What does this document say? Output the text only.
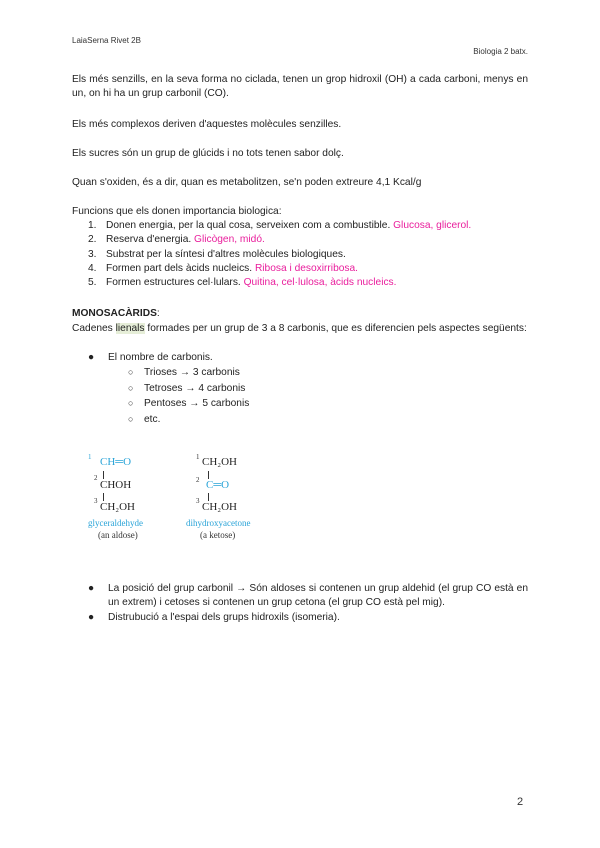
LaiaSerna Rivet 2B
Biologia 2 batx.
Els més senzills, en la seva forma no ciclada, tenen un grop hidroxil (OH) a cada carboni, menys en un, on hi ha un grup carbonil (CO).
Els més complexos deriven d'aquestes molècules senzilles.
Els sucres són un grup de glúcids i no tots tenen sabor dolç.
Quan s'oxiden, és a dir, quan es metabolitzen, se'n poden extreure 4,1 Kcal/g
Funcions que els donen importancia biologica:
1. Donen energia, per la qual cosa, serveixen com a combustible. Glucosa, glicerol.
2. Reserva d'energia. Glicògen, midó.
3. Substrat per la síntesi d'altres molècules biologiques.
4. Formen part dels àcids nucleics. Ribosa i desoxirribosa.
5. Formen estructures cel·lulars. Quitina, cel·lulosa, àcids nucleics.
MONOSACÀRIDS:
Cadenes lienals formades per un grup de 3 a 8 carbonis, que es diferencien pels aspectes següents:
● El nombre de carbonis.
○ Trioses → 3 carbonis
○ Tetroses → 4 carbonis
○ Pentoses → 5 carbonis
○ etc.
1 CH═O
2
CHOH
3 CH₂OH
glyceraldehyde
(an aldose)
1 CH₂OH
2 C═O
3 CH₂OH
dihydroxyacetone
(a ketose)
● La posició del grup carbonil → Són aldoses si contenen un grup aldehid (el grup CO està en un extrem) i cetoses si contenen un grup cetona (el grup CO està pel mig).
● Distrubució a l'espai dels grups hidroxils (isomeria).
2
